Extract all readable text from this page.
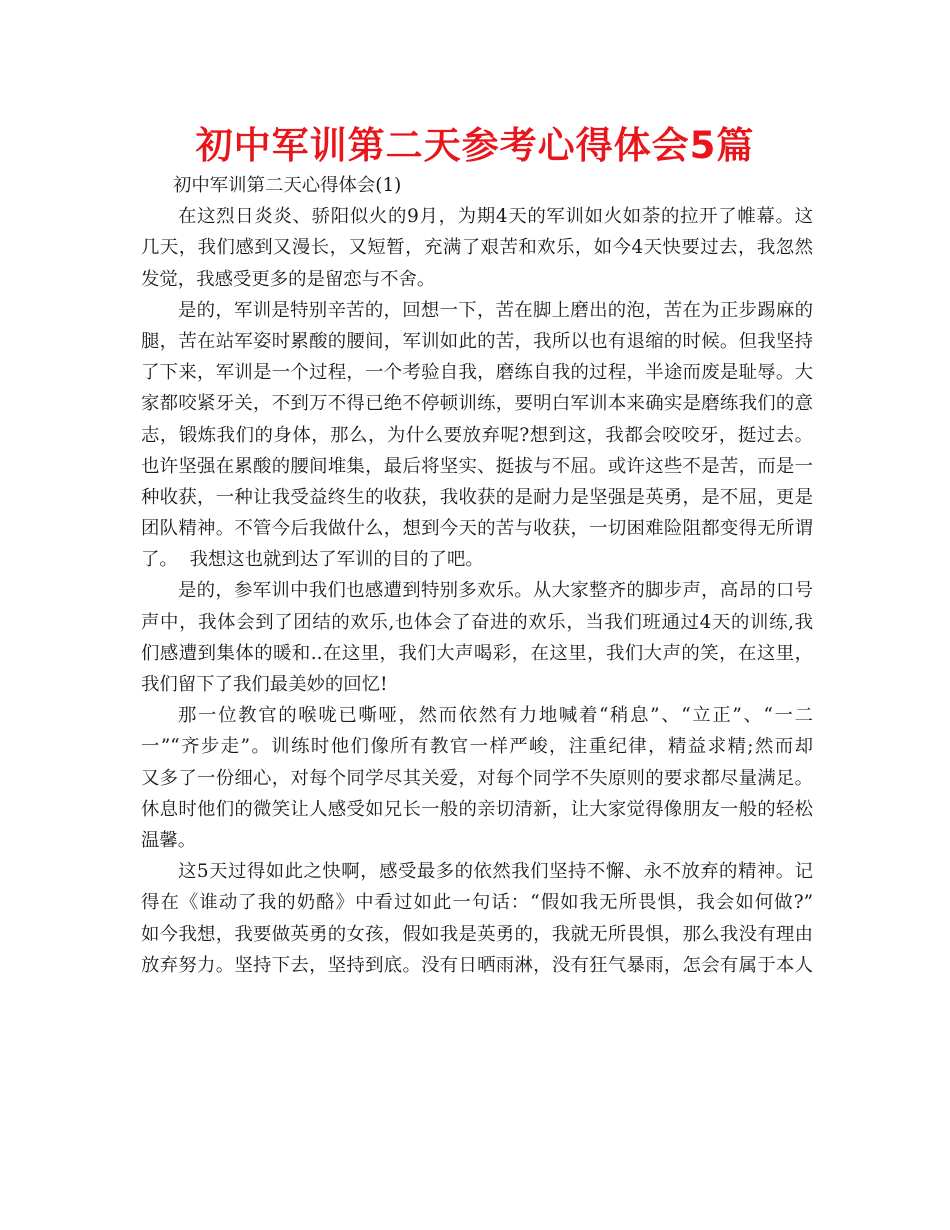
初中军训第二天参考心得体会5篇

初中军训第二天心得体会(1)

在这烈日炎炎、骄阳似火的9月，为期4天的军训如火如荼的拉开了帷幕。这
几天，我们感到又漫长，又短暂，充满了艰苦和欢乐，如今4天快要过去，我忽然
发觉，我感受更多的是留恋与不舍。
是的，军训是特别辛苦的，回想一下，苦在脚上磨出的泡，苦在为正步踢麻的
腿，苦在站军姿时累酸的腰间，军训如此的苦，我所以也有退缩的时候。但我坚持
了下来，军训是一个过程，一个考验自我，磨练自我的过程，半途而废是耻辱。大
家都咬紧牙关，不到万不得已绝不停顿训练，要明白军训本来确实是磨练我们的意
志，锻炼我们的身体，那么，为什么要放弃呢?想到这，我都会咬咬牙，挺过去。
也许坚强在累酸的腰间堆集，最后将坚实、挺拔与不屈。或许这些不是苦，而是一
种收获，一种让我受益终生的收获，我收获的是耐力是坚强是英勇，是不屈，更是
团队精神。不管今后我做什么，想到今天的苦与收获，一切困难险阻都变得无所谓
了。  我想这也就到达了军训的目的了吧。
是的，参军训中我们也感遭到特别多欢乐。从大家整齐的脚步声，高昂的口号
声中，我体会到了团结的欢乐,也体会了奋进的欢乐，当我们班通过4天的训练,我
们感遭到集体的暖和..在这里，我们大声喝彩，在这里，我们大声的笑，在这里，
我们留下了我们最美妙的回忆!
那一位教官的喉咙已嘶哑，然而依然有力地喊着“稍息”、“立正”、“一二
一”“齐步走”。训练时他们像所有教官一样严峻，注重纪律，精益求精;然而却
又多了一份细心，对每个同学尽其关爱，对每个同学不失原则的要求都尽量满足。
休息时他们的微笑让人感受如兄长一般的亲切清新，让大家觉得像朋友一般的轻松
温馨。
这5天过得如此之快啊，感受最多的依然我们坚持不懈、永不放弃的精神。记
得在《谁动了我的奶酪》中看过如此一句话：“假如我无所畏惧，我会如何做?”
如今我想，我要做英勇的女孩，假如我是英勇的，我就无所畏惧，那么我没有理由
放弃努力。坚持下去，坚持到底。没有日晒雨淋，没有狂气暴雨，怎会有属于本人
